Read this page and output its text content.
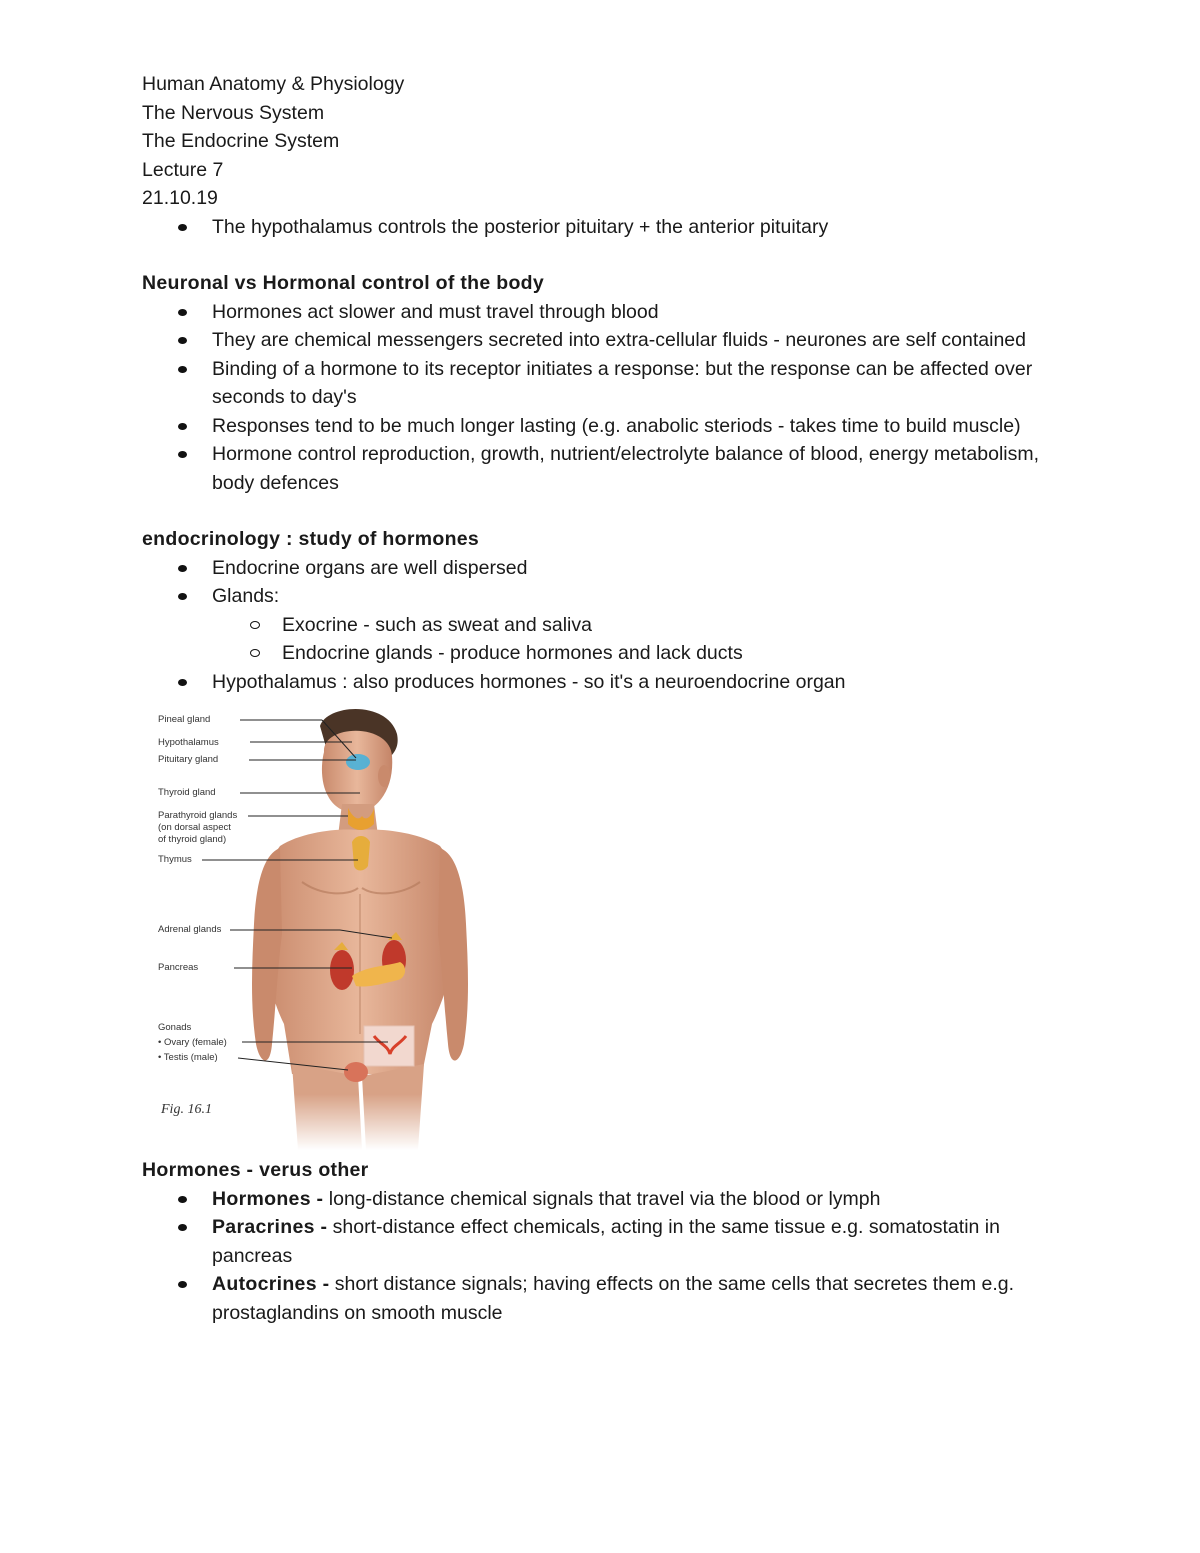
Human Anatomy & Physiology

The Nervous System

The Endocrine System

Lecture 7

21.10.19

The hypothalamus controls the posterior pituitary + the anterior pituitary

Neuronal vs Hormonal control of the body

Hormones act slower and must travel through blood
They are chemical messengers secreted into extra-cellular fluids - neurones are self contained
Binding of a hormone to its receptor initiates a response: but the response can be affected over seconds to day's
Responses tend to be much longer lasting (e.g. anabolic steriods - takes time to build muscle)
Hormone control reproduction, growth, nutrient/electrolyte balance of blood, energy metabolism, body defences

endocrinology : study of hormones

Endocrine organs are well dispersed
Glands:
Exocrine - such as sweat and saliva
Endocrine glands - produce hormones and lack ducts
Hypothalamus : also produces hormones - so it's a neuroendocrine organ
Pineal gland
Hypothalamus
Pituitary gland
Thyroid gland
Parathyroid glands
(on dorsal aspect
of thyroid gland)
Thymus
Adrenal glands
Pancreas
Gonads
• Ovary (female)
• Testis (male)
Fig. 16.1

Hormones - verus other

Hormones - long-distance chemical signals that travel via the blood or lymph
Paracrines - short-distance effect chemicals, acting in the same tissue e.g. somatostatin in pancreas
Autocrines - short distance signals; having effects on the same cells that secretes them e.g. prostaglandins on smooth muscle
